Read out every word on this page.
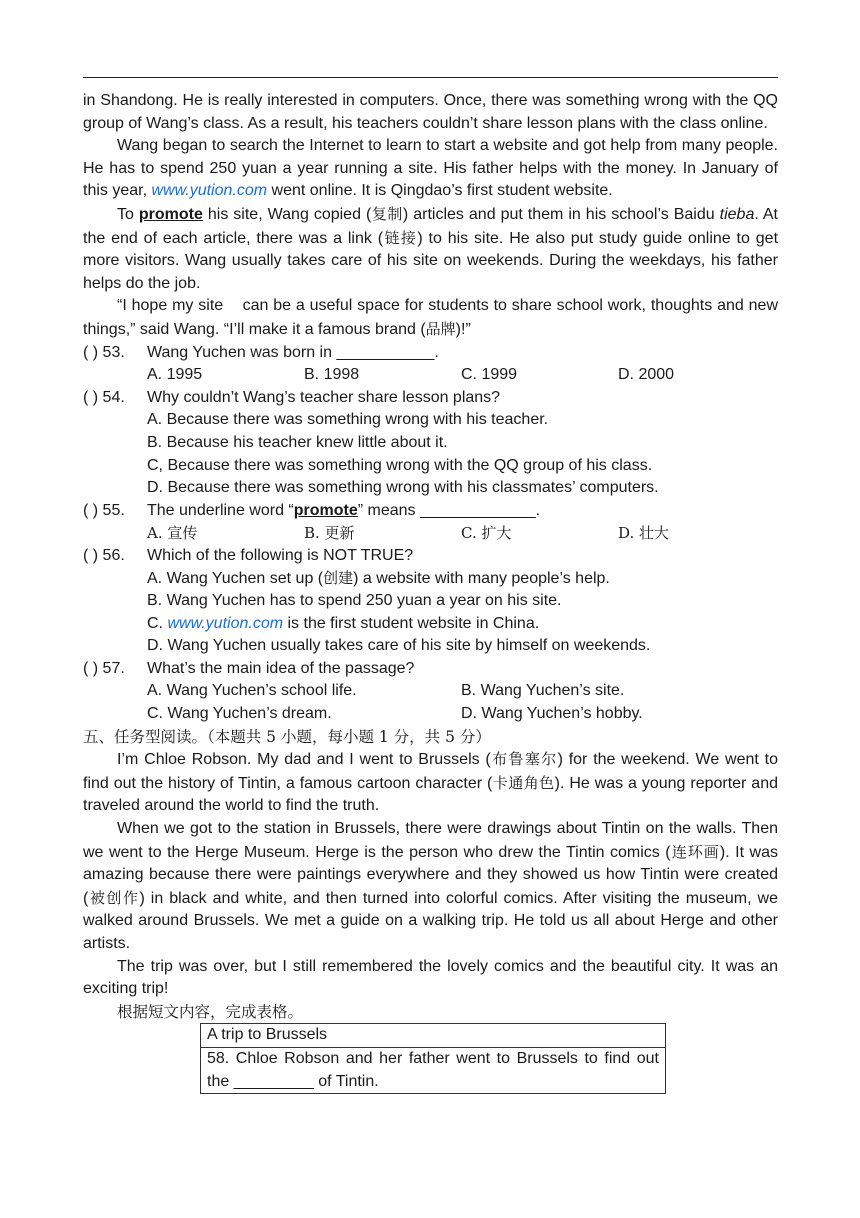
in Shandong. He is really interested in computers. Once, there was something wrong with the QQ group of Wang’s class. As a result, his teachers couldn’t share lesson plans with the class online.

Wang began to search the Internet to learn to start a website and got help from many people. He has to spend 250 yuan a year running a site. His father helps with the money. In January of this year, www.yution.com went online. It is Qingdao’s first student website.

To promote his site, Wang copied (复制) articles and put them in his school’s Baidu tieba. At the end of each article, there was a link (链接) to his site. He also put study guide online to get more visitors. Wang usually takes care of his site on weekends. During the weekdays, his father helps do the job.

“I hope my site    can be a useful space for students to share school work, thoughts and new things,” said Wang. “I’ll make it a famous brand (品牌)!”

( ) 53. Wang Yuchen was born in ___________.
A. 1995	B. 1998	C. 1999	D. 2000
( ) 54. Why couldn’t Wang’s teacher share lesson plans?
A. Because there was something wrong with his teacher.
B. Because his teacher knew little about it.
C, Because there was something wrong with the QQ group of his class.
D. Because there was something wrong with his classmates’ computers.
( ) 55. The underline word “promote” means _____________.
A. 宣传	B. 更新	C. 扩大	D. 壮大
( ) 56. Which of the following is NOT TRUE?
A. Wang Yuchen set up (创建) a website with many people’s help.
B. Wang Yuchen has to spend 250 yuan a year on his site.
C. www.yution.com is the first student website in China.
D. Wang Yuchen usually takes care of his site by himself on weekends.
( ) 57. What’s the main idea of the passage?
A. Wang Yuchen’s school life.	B. Wang Yuchen’s site.
C. Wang Yuchen’s dream.	D. Wang Yuchen’s hobby.

五、任务型阅读。（本题共 5 小题，每小题 1 分，共 5 分）

I’m Chloe Robson. My dad and I went to Brussels (布鲁塞尔) for the weekend. We went to find out the history of Tintin, a famous cartoon character (卡通角色). He was a young reporter and traveled around the world to find the truth.

When we got to the station in Brussels, there were drawings about Tintin on the walls. Then we went to the Herge Museum. Herge is the person who drew the Tintin comics (连环画). It was amazing because there were paintings everywhere and they showed us how Tintin were created (被创作) in black and white, and then turned into colorful comics. After visiting the museum, we walked around Brussels. We met a guide on a walking trip. He told us all about Herge and other artists.

The trip was over, but I still remembered the lovely comics and the beautiful city. It was an exciting trip!

根据短文内容，完成表格。

A trip to Brussels
58. Chloe Robson and her father went to Brussels to find out the _________ of Tintin.
